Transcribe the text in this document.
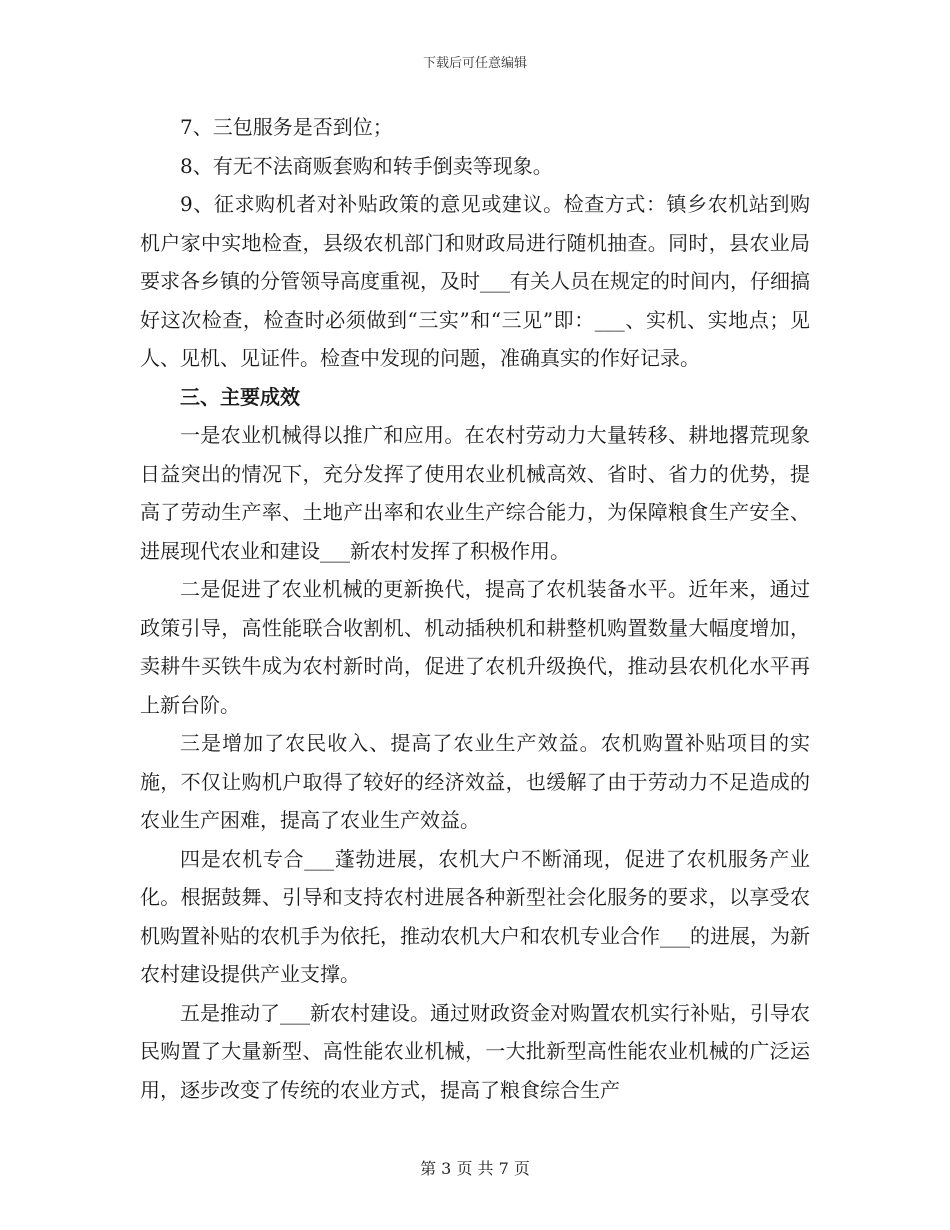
下载后可任意编辑

7、三包服务是否到位；

8、有无不法商贩套购和转手倒卖等现象。

9、征求购机者对补贴政策的意见或建议。检查方式：镇乡农机站到购机户家中实地检查，县级农机部门和财政局进行随机抽查。同时，县农业局要求各乡镇的分管领导高度重视，及时___有关人员在规定的时间内，仔细搞好这次检查，检查时必须做到“三实”和“三见”即：___、实机、实地点；见人、见机、见证件。检查中发现的问题，准确真实的作好记录。

三、主要成效

一是农业机械得以推广和应用。在农村劳动力大量转移、耕地撂荒现象日益突出的情况下，充分发挥了使用农业机械高效、省时、省力的优势，提高了劳动生产率、土地产出率和农业生产综合能力，为保障粮食生产安全、进展现代农业和建设___新农村发挥了积极作用。

二是促进了农业机械的更新换代，提高了农机装备水平。近年来，通过政策引导，高性能联合收割机、机动插秧机和耕整机购置数量大幅度增加，卖耕牛买铁牛成为农村新时尚，促进了农机升级换代，推动县农机化水平再上新台阶。

三是增加了农民收入、提高了农业生产效益。农机购置补贴项目的实施，不仅让购机户取得了较好的经济效益，也缓解了由于劳动力不足造成的农业生产困难，提高了农业生产效益。

四是农机专合___蓬勃进展，农机大户不断涌现，促进了农机服务产业化。根据鼓舞、引导和支持农村进展各种新型社会化服务的要求，以享受农机购置补贴的农机手为依托，推动农机大户和农机专业合作___的进展，为新农村建设提供产业支撑。

五是推动了___新农村建设。通过财政资金对购置农机实行补贴，引导农民购置了大量新型、高性能农业机械，一大批新型高性能农业机械的广泛运用，逐步改变了传统的农业方式，提高了粮食综合生产

第 3 页 共 7 页
